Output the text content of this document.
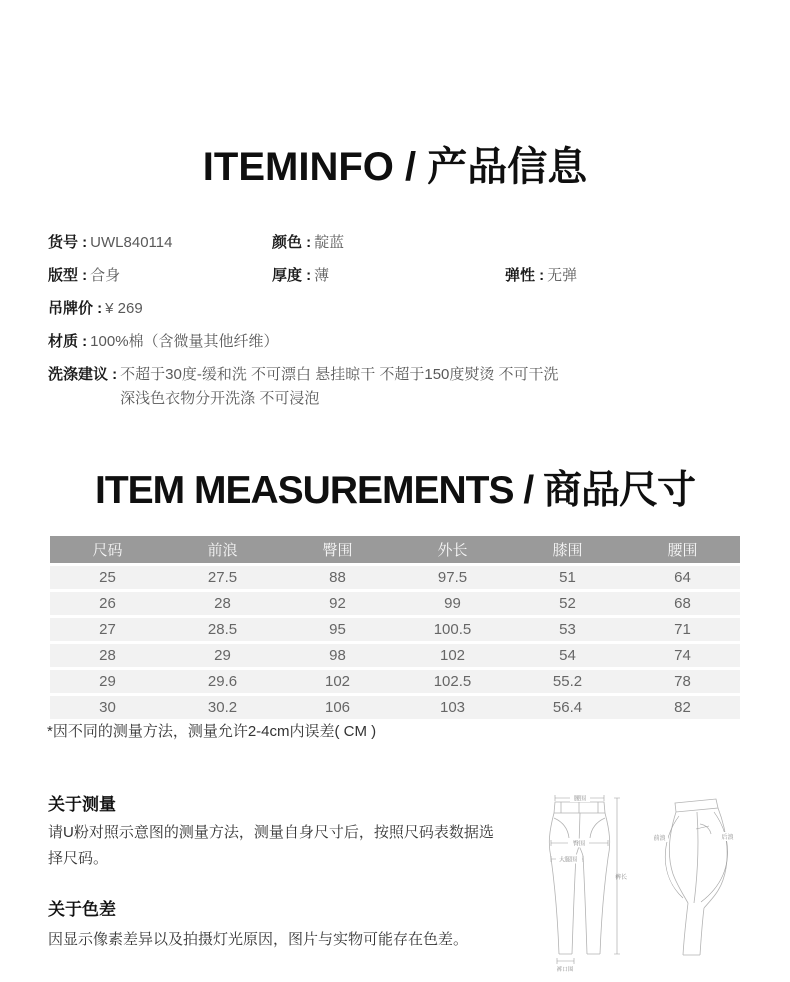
ITEMINFO / 产品信息
货号 : UWL840114	颜色 : 靛蓝
版型 : 合身	厚度 : 薄	弹性 : 无弹
吊牌价 : ¥ 269
材质 : 100%棉（含微量其他纤维）
洗涤建议 : 不超于30度-缓和洗 不可漂白 悬挂晾干 不超于150度熨烫 不可干洗
深浅色衣物分开洗涤 不可浸泡
ITEM MEASUREMENTS / 商品尺寸
尺码	前浪	臀围	外长	膝围	腰围
25	27.5	88	97.5	51	64
26	28	92	99	52	68
27	28.5	95	100.5	53	71
28	29	98	102	54	74
29	29.6	102	102.5	55.2	78
30	30.2	106	103	56.4	82
*因不同的测量方法，测量允许2-4cm内误差( CM )
关于测量
请U粉对照示意图的测量方法，测量自身尺寸后，按照尺码表数据选择尺码。
关于色差
因显示像素差异以及拍摄灯光原因，图片与实物可能存在色差。
腰围
臀围
大腿围
裤长
裤口围
前浪	后浪
